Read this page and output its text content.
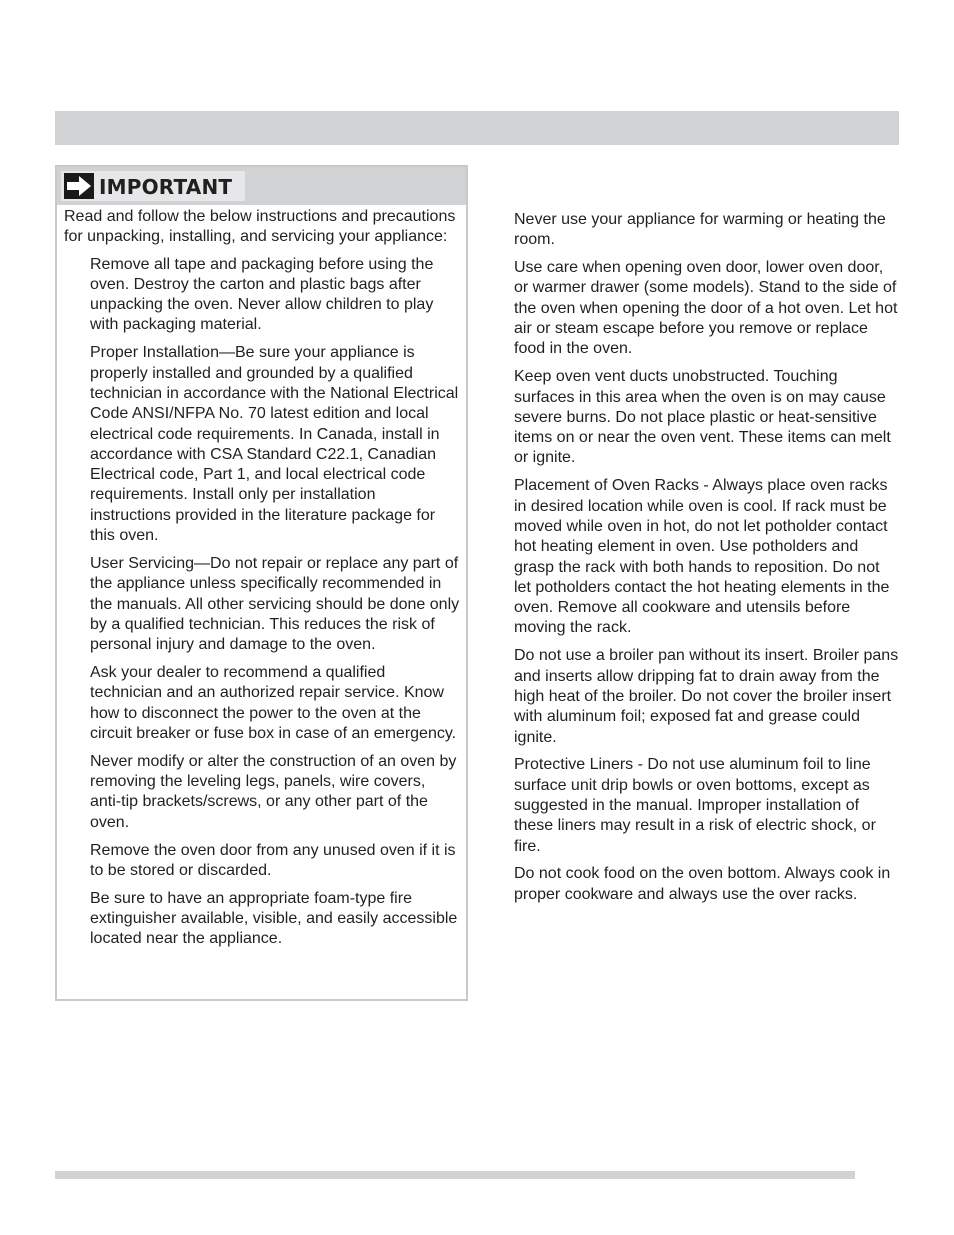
IMPORTANT

Read and follow the below instructions and precautions for unpacking, installing, and servicing your appliance:

Remove all tape and packaging before using the oven. Destroy the carton and plastic bags after unpacking the oven. Never allow children to play with packaging material.
Proper Installation—Be sure your appliance is properly installed and grounded by a qualified technician in accordance with the National Electrical Code ANSI/NFPA No. 70 latest edition and local electrical code requirements. In Canada, install in accordance with CSA Standard C22.1, Canadian Electrical code, Part 1, and local electrical code requirements. Install only per installation instructions provided in the literature package for this oven.
User Servicing—Do not repair or replace any part of the appliance unless specifically recommended in the manuals. All other servicing should be done only by a qualified technician. This reduces the risk of personal injury and damage to the oven.
Ask your dealer to recommend a qualified technician and an authorized repair service. Know how to disconnect the power to the oven at the circuit breaker or fuse box in case of an emergency.
Never modify or alter the construction of an oven by removing the leveling legs, panels, wire covers, anti-tip brackets/screws, or any other part of the oven.
Remove the oven door from any unused oven if it is to be stored or discarded.
Be sure to have an appropriate foam-type fire extinguisher available, visible, and easily accessible located near the appliance.

Never use your appliance for warming or heating the room.

Use care when opening oven door, lower oven door, or warmer drawer (some models). Stand to the side of the oven when opening the door of a hot oven. Let hot air or steam escape before you remove or replace food in the oven.

Keep oven vent ducts unobstructed. Touching surfaces in this area when the oven is on may cause severe burns. Do not place plastic or heat-sensitive items on or near the oven vent. These items can melt or ignite.

Placement of Oven Racks - Always place oven racks in desired location while oven is cool. If rack must be moved while oven in hot, do not let potholder contact hot heating element in oven. Use potholders and grasp the rack with both hands to reposition. Do not let potholders contact the hot heating elements in the oven. Remove all cookware and utensils before moving the rack.

Do not use a broiler pan without its insert. Broiler pans and inserts allow dripping fat to drain away from the high heat of the broiler. Do not cover the broiler insert with aluminum foil; exposed fat and grease could ignite.

Protective Liners - Do not use aluminum foil to line surface unit drip bowls or oven bottoms, except as suggested in the manual. Improper installation of these liners may result in a risk of electric shock, or fire.

Do not cook food on the oven bottom. Always cook in proper cookware and always use the over racks.
